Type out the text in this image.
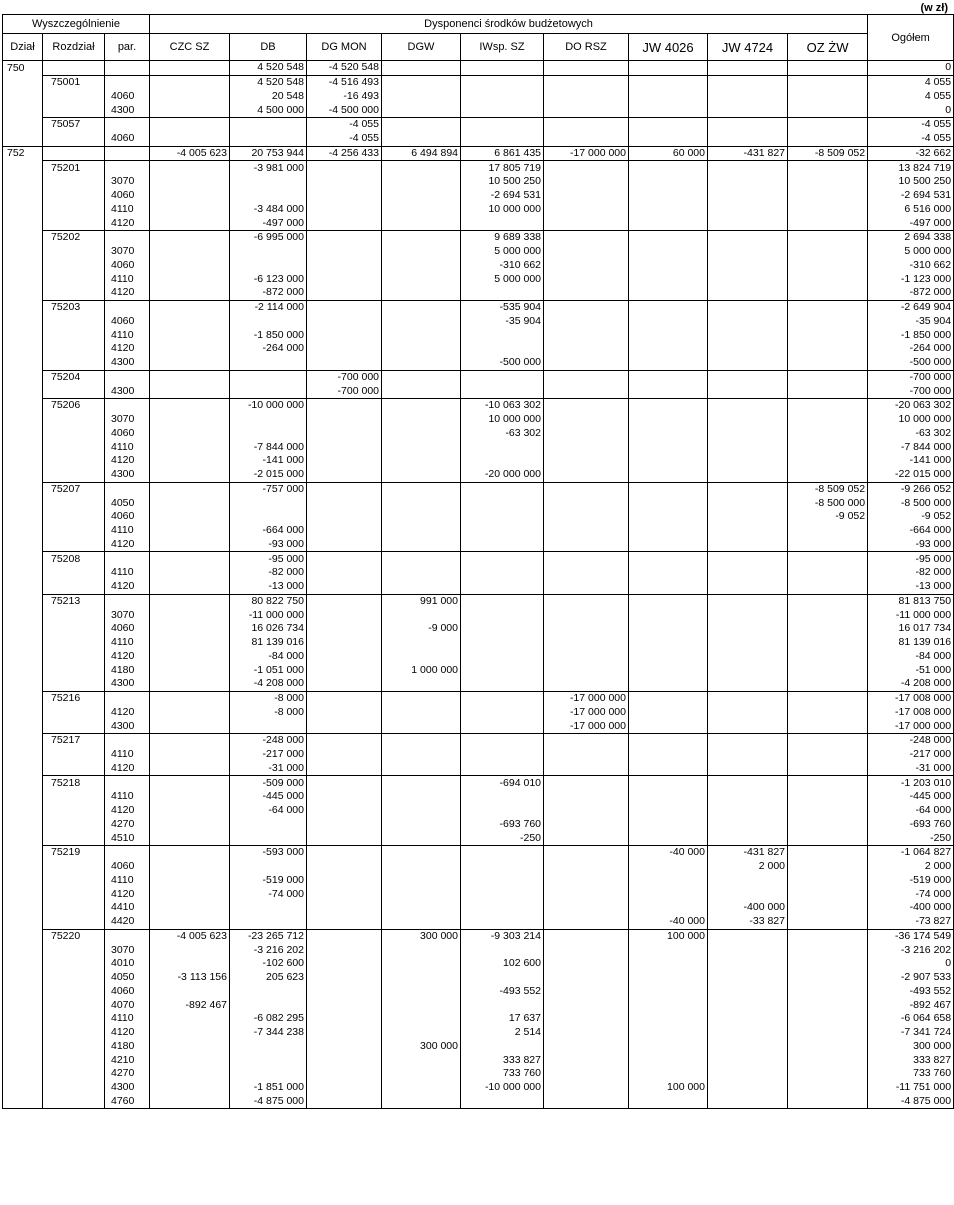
(w zł)
Wyszczególnienie			Dysponenci środków budżetowych									Ogółem
Dział	Rozdział	par.	CZC SZ	DB	DG MON	DGW	IWsp. SZ	DO RSZ	JW 4026	JW 4724	OZ ŻW	
750				4 520 548	-4 520 548							0
	75001			4 520 548	-4 516 493							4 055
		4060		20 548	-16 493							4 055
		4300		4 500 000	-4 500 000							0
	75057				-4 055							-4 055
		4060			-4 055							-4 055
752			-4 005 623	20 753 944	-4 256 433	6 494 894	6 861 435	-17 000 000	60 000	-431 827	-8 509 052	-32 662
	75201			-3 981 000			17 805 719					13 824 719
		3070					10 500 250					10 500 250
		4060					-2 694 531					-2 694 531
		4110		-3 484 000			10 000 000					6 516 000
		4120		-497 000								-497 000
	75202			-6 995 000			9 689 338					2 694 338
		3070					5 000 000					5 000 000
		4060					-310 662					-310 662
		4110		-6 123 000			5 000 000					-1 123 000
		4120		-872 000								-872 000
	75203			-2 114 000			-535 904					-2 649 904
		4060					-35 904					-35 904
		4110		-1 850 000								-1 850 000
		4120		-264 000								-264 000
		4300					-500 000					-500 000
	75204				-700 000							-700 000
		4300			-700 000							-700 000
	75206			-10 000 000			-10 063 302					-20 063 302
		3070					10 000 000					10 000 000
		4060					-63 302					-63 302
		4110		-7 844 000								-7 844 000
		4120		-141 000								-141 000
		4300		-2 015 000			-20 000 000					-22 015 000
	75207			-757 000							-8 509 052	-9 266 052
		4050									-8 500 000	-8 500 000
		4060									-9 052	-9 052
		4110		-664 000								-664 000
		4120		-93 000								-93 000
	75208			-95 000								-95 000
		4110		-82 000								-82 000
		4120		-13 000								-13 000
	75213			80 822 750		991 000						81 813 750
		3070		-11 000 000								-11 000 000
		4060		16 026 734		-9 000						16 017 734
		4110		81 139 016								81 139 016
		4120		-84 000								-84 000
		4180		-1 051 000		1 000 000						-51 000
		4300		-4 208 000								-4 208 000
	75216			-8 000				-17 000 000				-17 008 000
		4120		-8 000				-17 000 000				-17 008 000
		4300						-17 000 000				-17 000 000
	75217			-248 000								-248 000
		4110		-217 000								-217 000
		4120		-31 000								-31 000
	75218			-509 000			-694 010					-1 203 010
		4110		-445 000								-445 000
		4120		-64 000								-64 000
		4270					-693 760					-693 760
		4510					-250					-250
	75219			-593 000					-40 000	-431 827		-1 064 827
		4060								2 000		2 000
		4110		-519 000								-519 000
		4120		-74 000								-74 000
		4410								-400 000		-400 000
		4420							-40 000	-33 827		-73 827
	75220		-4 005 623	-23 265 712		300 000	-9 303 214		100 000			-36 174 549
		3070		-3 216 202								-3 216 202
		4010		-102 600			102 600					0
		4050	-3 113 156	205 623								-2 907 533
		4060					-493 552					-493 552
		4070	-892 467									-892 467
		4110		-6 082 295			17 637					-6 064 658
		4120		-7 344 238			2 514					-7 341 724
		4180				300 000						300 000
		4210					333 827					333 827
		4270					733 760					733 760
		4300		-1 851 000			-10 000 000		100 000			-11 751 000
		4760		-4 875 000								-4 875 000
